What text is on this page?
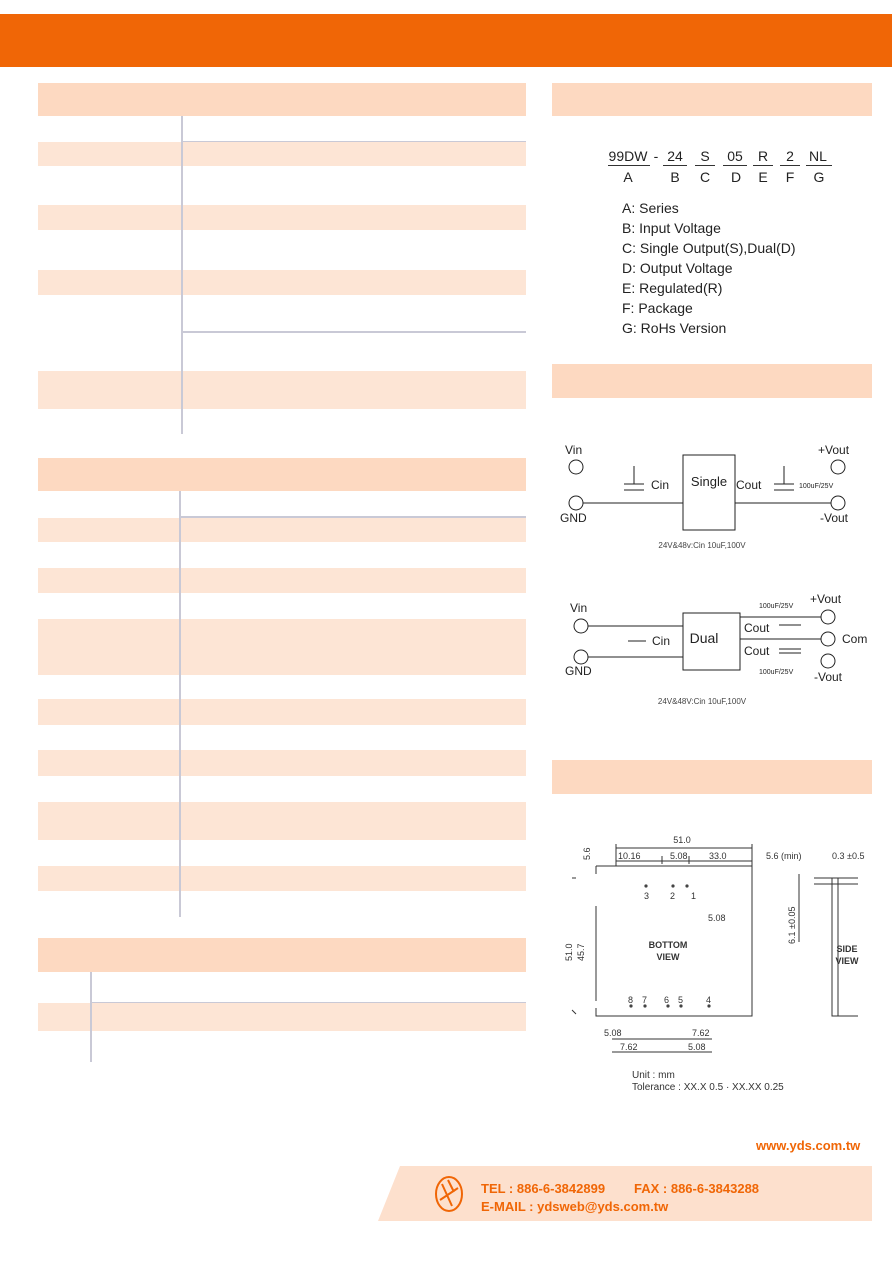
99DW - 24	S	05	R	2	NL
A	B	C	D	E	F	G
A: Series
B: Input Voltage
C: Single Output(S),Dual(D)
D: Output Voltage
E: Regulated(R)
F: Package
G: RoHs Version
Vin
GND
+Vout
-Vout
Cin	Cout
Single	100uF/25V
24V&48v:Cin 10uF,100V
Vin
GND
+Vout
Com
-Vout
Cin
Cout
Cout
Dual
100uF/25V
100uF/25V
24V&48V:Cin 10uF,100V
51.0
10.16	5.08 33.0
5.6
3 2 1
5.08
51.0 45.7
8 7 6 5	4
5.08	7.62
7.62	5.08
5.6 (min)	0.3 ±0.5
6.1 ±0.05
BOTTOM
VIEW
SIDE
VIEW
Unit : mm
Tolerance : XX.X 0.5 · XX.XX 0.25
www.yds.com.tw
TEL : 886-6-3842899 FAX : 886-6-3843288
E-MAIL : ydsweb@yds.com.tw
